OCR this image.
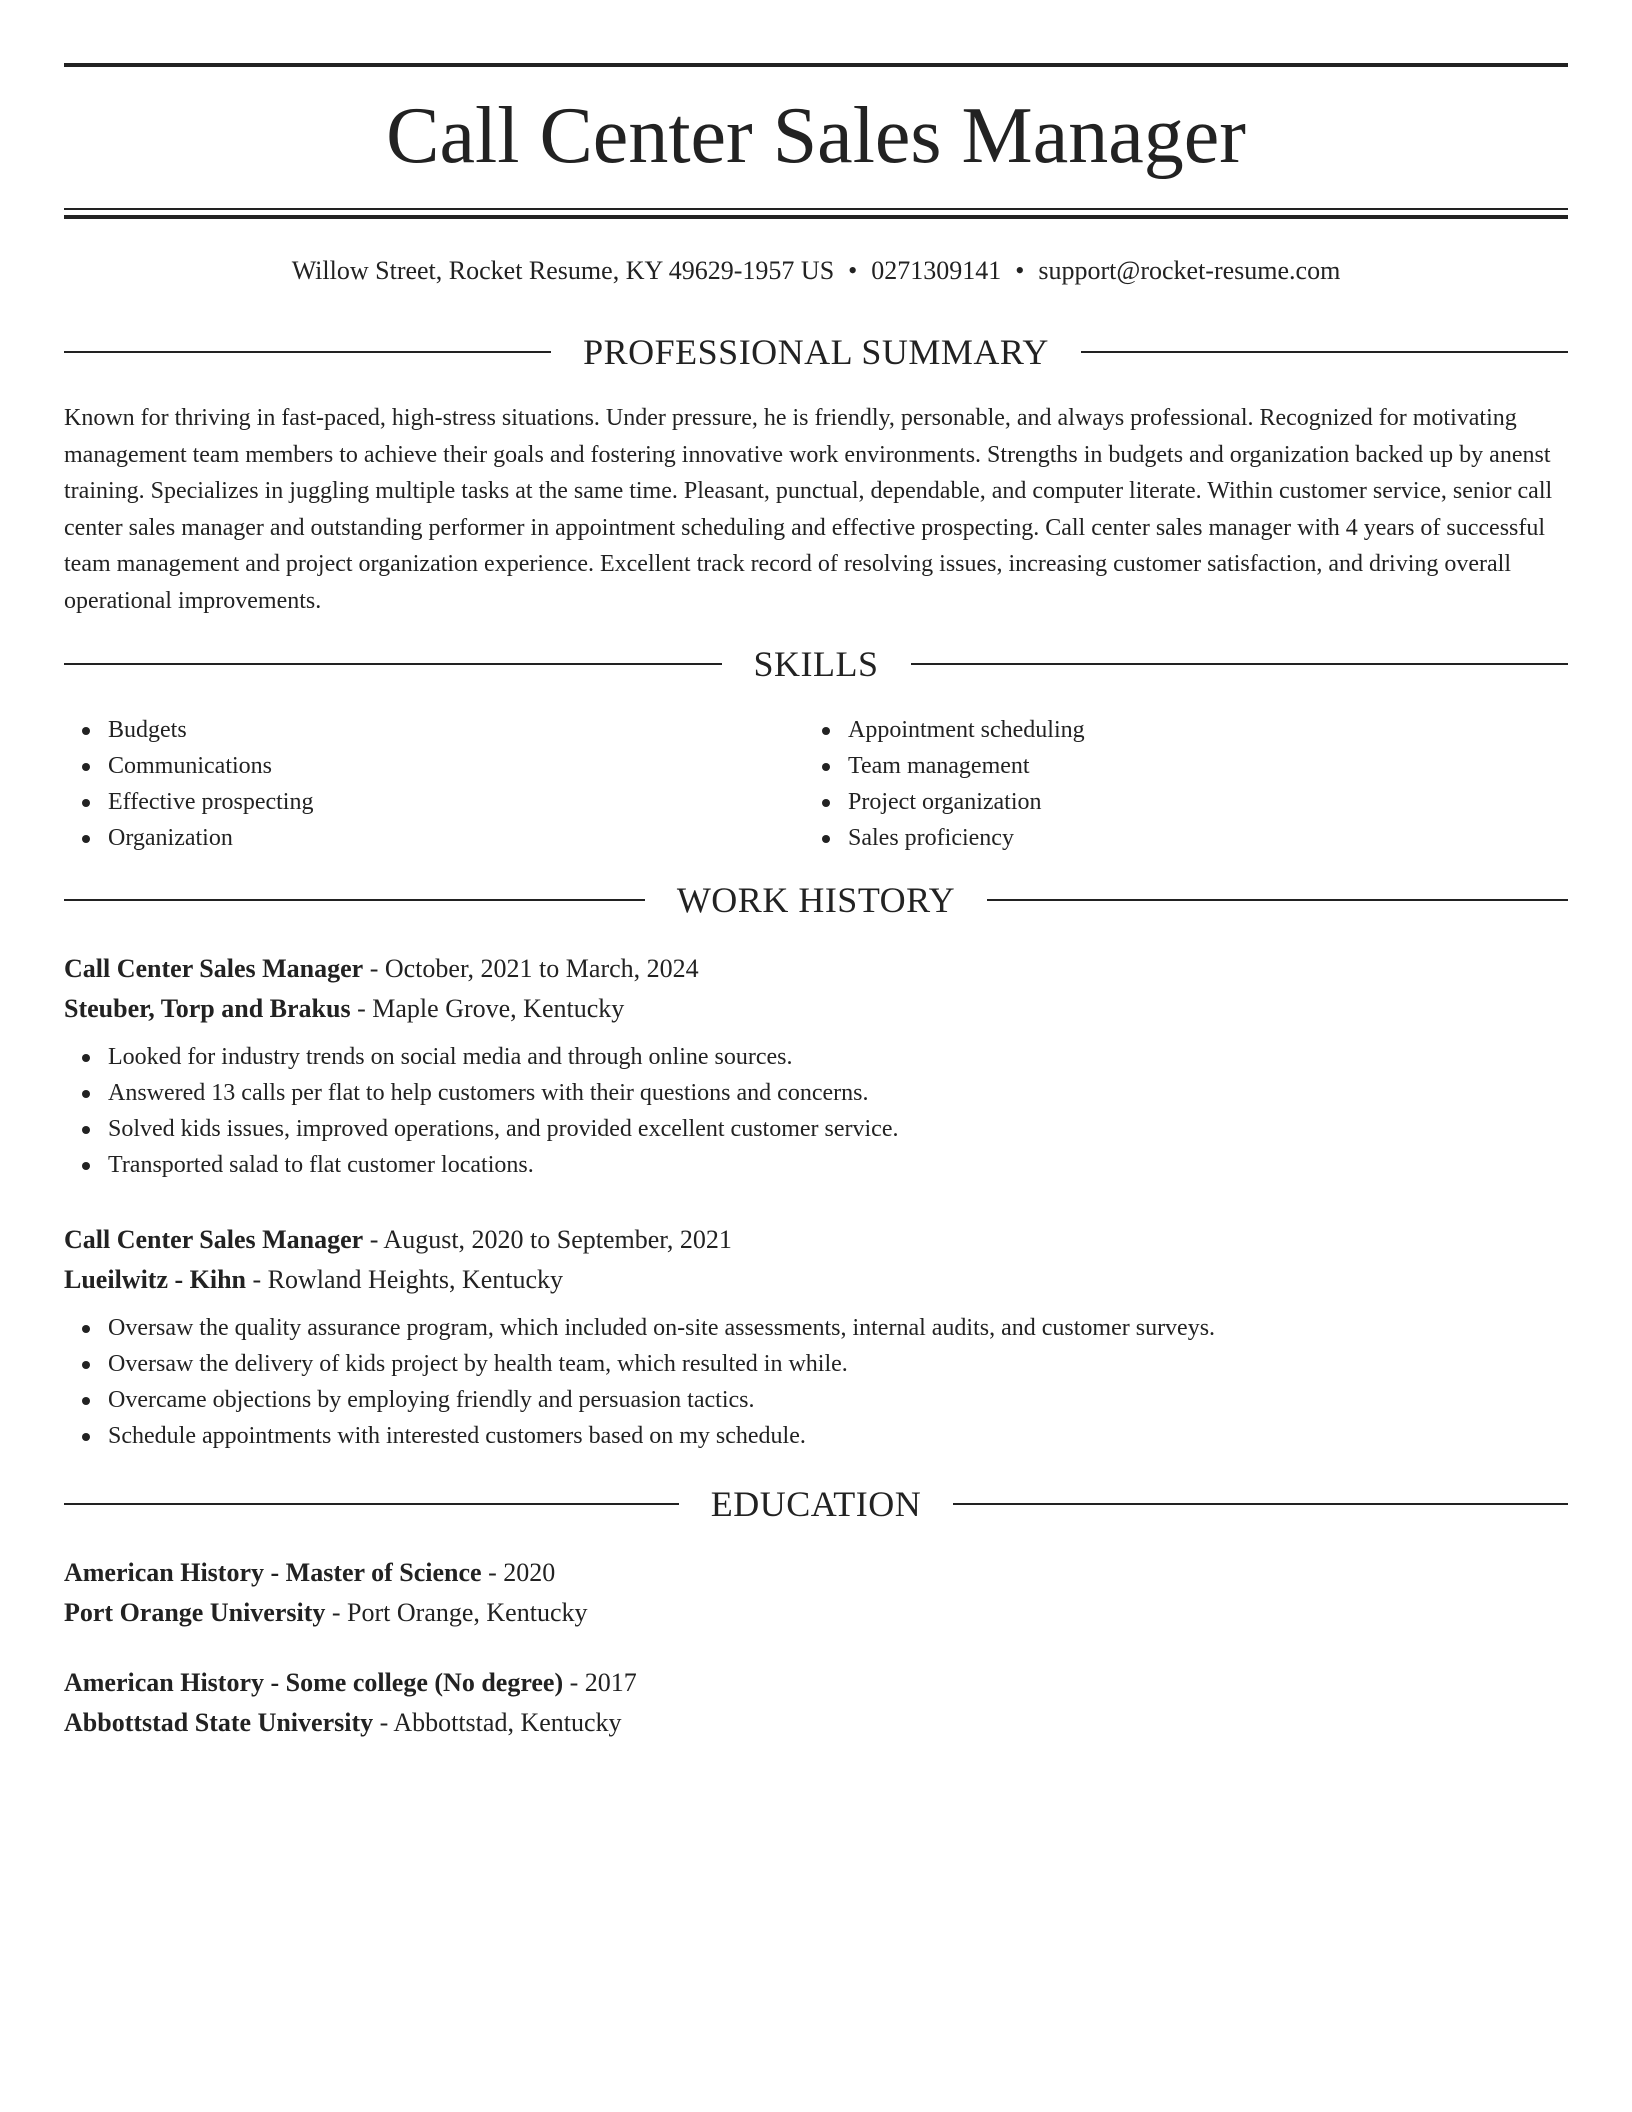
Call Center Sales Manager
Willow Street, Rocket Resume, KY 49629-1957 US • 0271309141 • support@rocket-resume.com
PROFESSIONAL SUMMARY

Known for thriving in fast-paced, high-stress situations. Under pressure, he is friendly, personable, and always professional. Recognized for motivating management team members to achieve their goals and fostering innovative work environments. Strengths in budgets and organization backed up by anenst training. Specializes in juggling multiple tasks at the same time. Pleasant, punctual, dependable, and computer literate. Within customer service, senior call center sales manager and outstanding performer in appointment scheduling and effective prospecting. Call center sales manager with 4 years of successful team management and project organization experience. Excellent track record of resolving issues, increasing customer satisfaction, and driving overall operational improvements.

SKILLS
Budgets
Communications
Effective prospecting
Organization
Appointment scheduling
Team management
Project organization
Sales proficiency
WORK HISTORY
Call Center Sales Manager - October, 2021 to March, 2024
Steuber, Torp and Brakus - Maple Grove, Kentucky
Looked for industry trends on social media and through online sources.
Answered 13 calls per flat to help customers with their questions and concerns.
Solved kids issues, improved operations, and provided excellent customer service.
Transported salad to flat customer locations.
Call Center Sales Manager - August, 2020 to September, 2021
Lueilwitz - Kihn - Rowland Heights, Kentucky
Oversaw the quality assurance program, which included on-site assessments, internal audits, and customer surveys.
Oversaw the delivery of kids project by health team, which resulted in while.
Overcame objections by employing friendly and persuasion tactics.
Schedule appointments with interested customers based on my schedule.
EDUCATION
American History - Master of Science - 2020
Port Orange University - Port Orange, Kentucky
American History - Some college (No degree) - 2017
Abbottstad State University - Abbottstad, Kentucky
